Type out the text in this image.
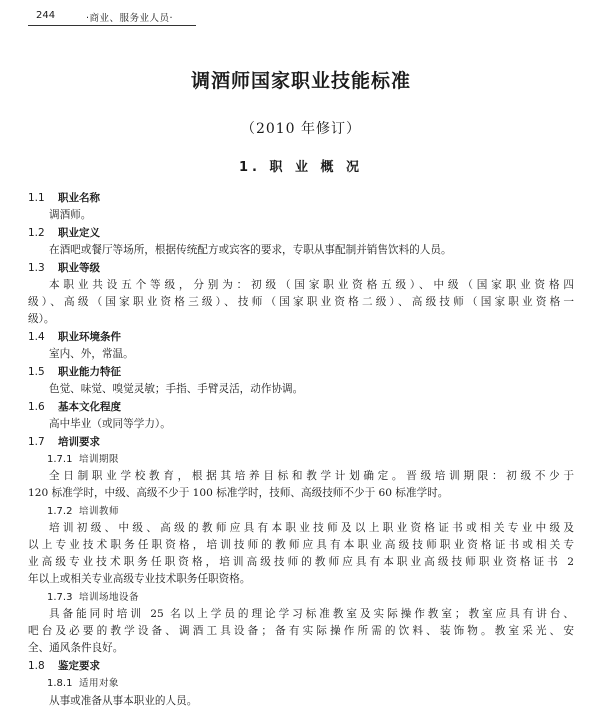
244	·商业、服务业人员·
调酒师国家职业技能标准
（2010 年修订）
1. 职 业 概 况
1.1 职业名称
调酒师。
1.2 职业定义
在酒吧或餐厅等场所，根据传统配方或宾客的要求，专职从事配制并销售饮料的人员。
1.3 职业等级
本职业共设五个等级，分别为：初级（国家职业资格五级）、中级（国家职业资格四
级）、高级（国家职业资格三级）、技师（国家职业资格二级）、高级技师（国家职业资格一
级）。
1.4 职业环境条件
室内、外，常温。
1.5 职业能力特征
色觉、味觉、嗅觉灵敏；手指、手臂灵活，动作协调。
1.6 基本文化程度
高中毕业（或同等学力）。
1.7 培训要求
1.7.1 培训期限
全日制职业学校教育，根据其培养目标和教学计划确定。晋级培训期限：初级不少于
120 标准学时，中级、高级不少于 100 标准学时，技师、高级技师不少于 60 标准学时。
1.7.2 培训教师
培训初级、中级、高级的教师应具有本职业技师及以上职业资格证书或相关专业中级及
以上专业技术职务任职资格，培训技师的教师应具有本职业高级技师职业资格证书或相关专
业高级专业技术职务任职资格，培训高级技师的教师应具有本职业高级技师职业资格证书 2
年以上或相关专业高级专业技术职务任职资格。
1.7.3 培训场地设备
具备能同时培训 25 名以上学员的理论学习标准教室及实际操作教室；教室应具有讲台、
吧台及必要的教学设备、调酒工具设备；备有实际操作所需的饮料、装饰物。教室采光、安
全、通风条件良好。
1.8 鉴定要求
1.8.1 适用对象
从事或准备从事本职业的人员。
